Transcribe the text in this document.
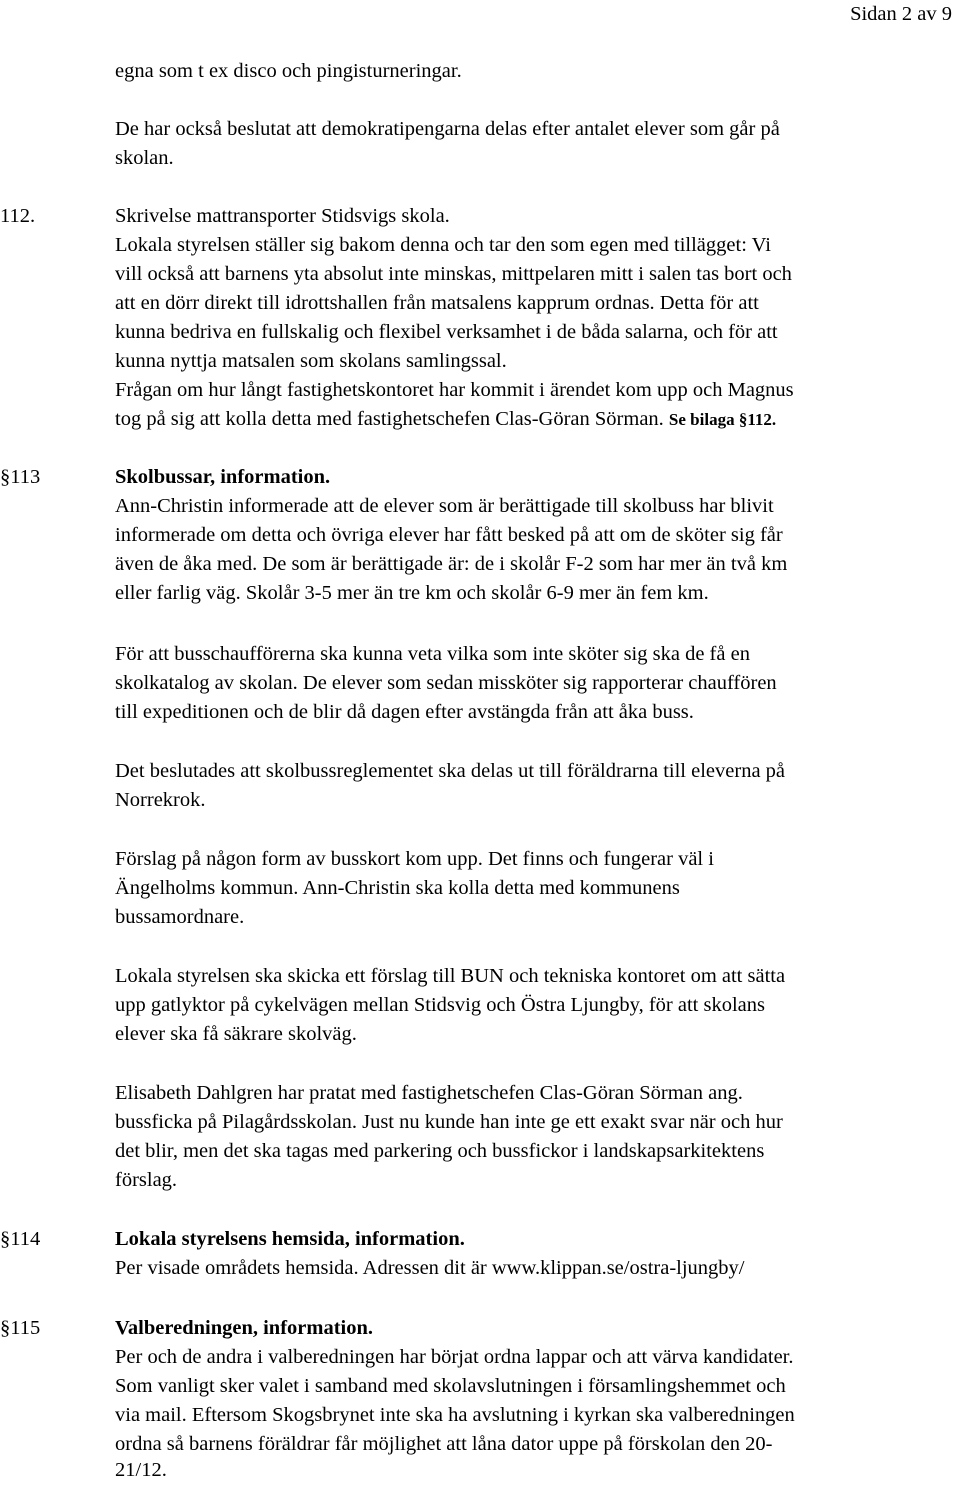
Sidan 2 av 9
egna som t ex disco och pingisturneringar.
De har också beslutat att demokratipengarna delas efter antalet elever som går på
skolan.
112.	Skrivelse mattransporter Stidsvigs skola.
Lokala styrelsen ställer sig bakom denna och tar den som egen med tillägget: Vi
vill också att barnens yta absolut inte minskas, mittpelaren mitt i salen tas bort och
att en dörr direkt till idrottshallen från matsalens kapprum ordnas. Detta för att
kunna bedriva en fullskalig och flexibel verksamhet i de båda salarna, och för att
kunna nyttja matsalen som skolans samlingssal.
Frågan om hur långt fastighetskontoret har kommit i ärendet kom upp och Magnus
tog på sig att kolla detta med fastighetschefen Clas-Göran Sörman. Se bilaga §112.
§113	Skolbussar, information.
Ann-Christin informerade att de elever som är berättigade till skolbuss har blivit
informerade om detta och övriga elever har fått besked på att om de sköter sig får
även de åka med. De som är berättigade är: de i skolår F-2 som har mer än två km
eller farlig väg. Skolår 3-5 mer än tre km och skolår 6-9 mer än fem km.
För att busschaufförerna ska kunna veta vilka som inte sköter sig ska de få en
skolkatalog av skolan. De elever som sedan missköter sig rapporterar chauffören
till expeditionen och de blir då dagen efter avstängda från att åka buss.
Det beslutades att skolbussreglementet ska delas ut till föräldrarna till eleverna på
Norrekrok.
Förslag på någon form av busskort kom upp. Det finns och fungerar väl i
Ängelholms kommun. Ann-Christin ska kolla detta med kommunens
bussamordnare.
Lokala styrelsen ska skicka ett förslag till BUN och tekniska kontoret om att sätta
upp gatlyktor på cykelvägen mellan Stidsvig och Östra Ljungby, för att skolans
elever ska få säkrare skolväg.
Elisabeth Dahlgren har pratat med fastighetschefen Clas-Göran Sörman ang.
bussficka på Pilagårdsskolan. Just nu kunde han inte ge ett exakt svar när och hur
det blir, men det ska tagas med parkering och bussfickor i landskapsarkitektens
förslag.
§114	Lokala styrelsens hemsida, information.
Per visade områdets hemsida. Adressen dit är www.klippan.se/ostra-ljungby/
§115	Valberedningen, information.
Per och de andra i valberedningen har börjat ordna lappar och att värva kandidater.
Som vanligt sker valet i samband med skolavslutningen i församlingshemmet och
via mail. Eftersom Skogsbrynet inte ska ha avslutning i kyrkan ska valberedningen
ordna så barnens föräldrar får möjlighet att låna dator uppe på förskolan den 20-
21/12.
